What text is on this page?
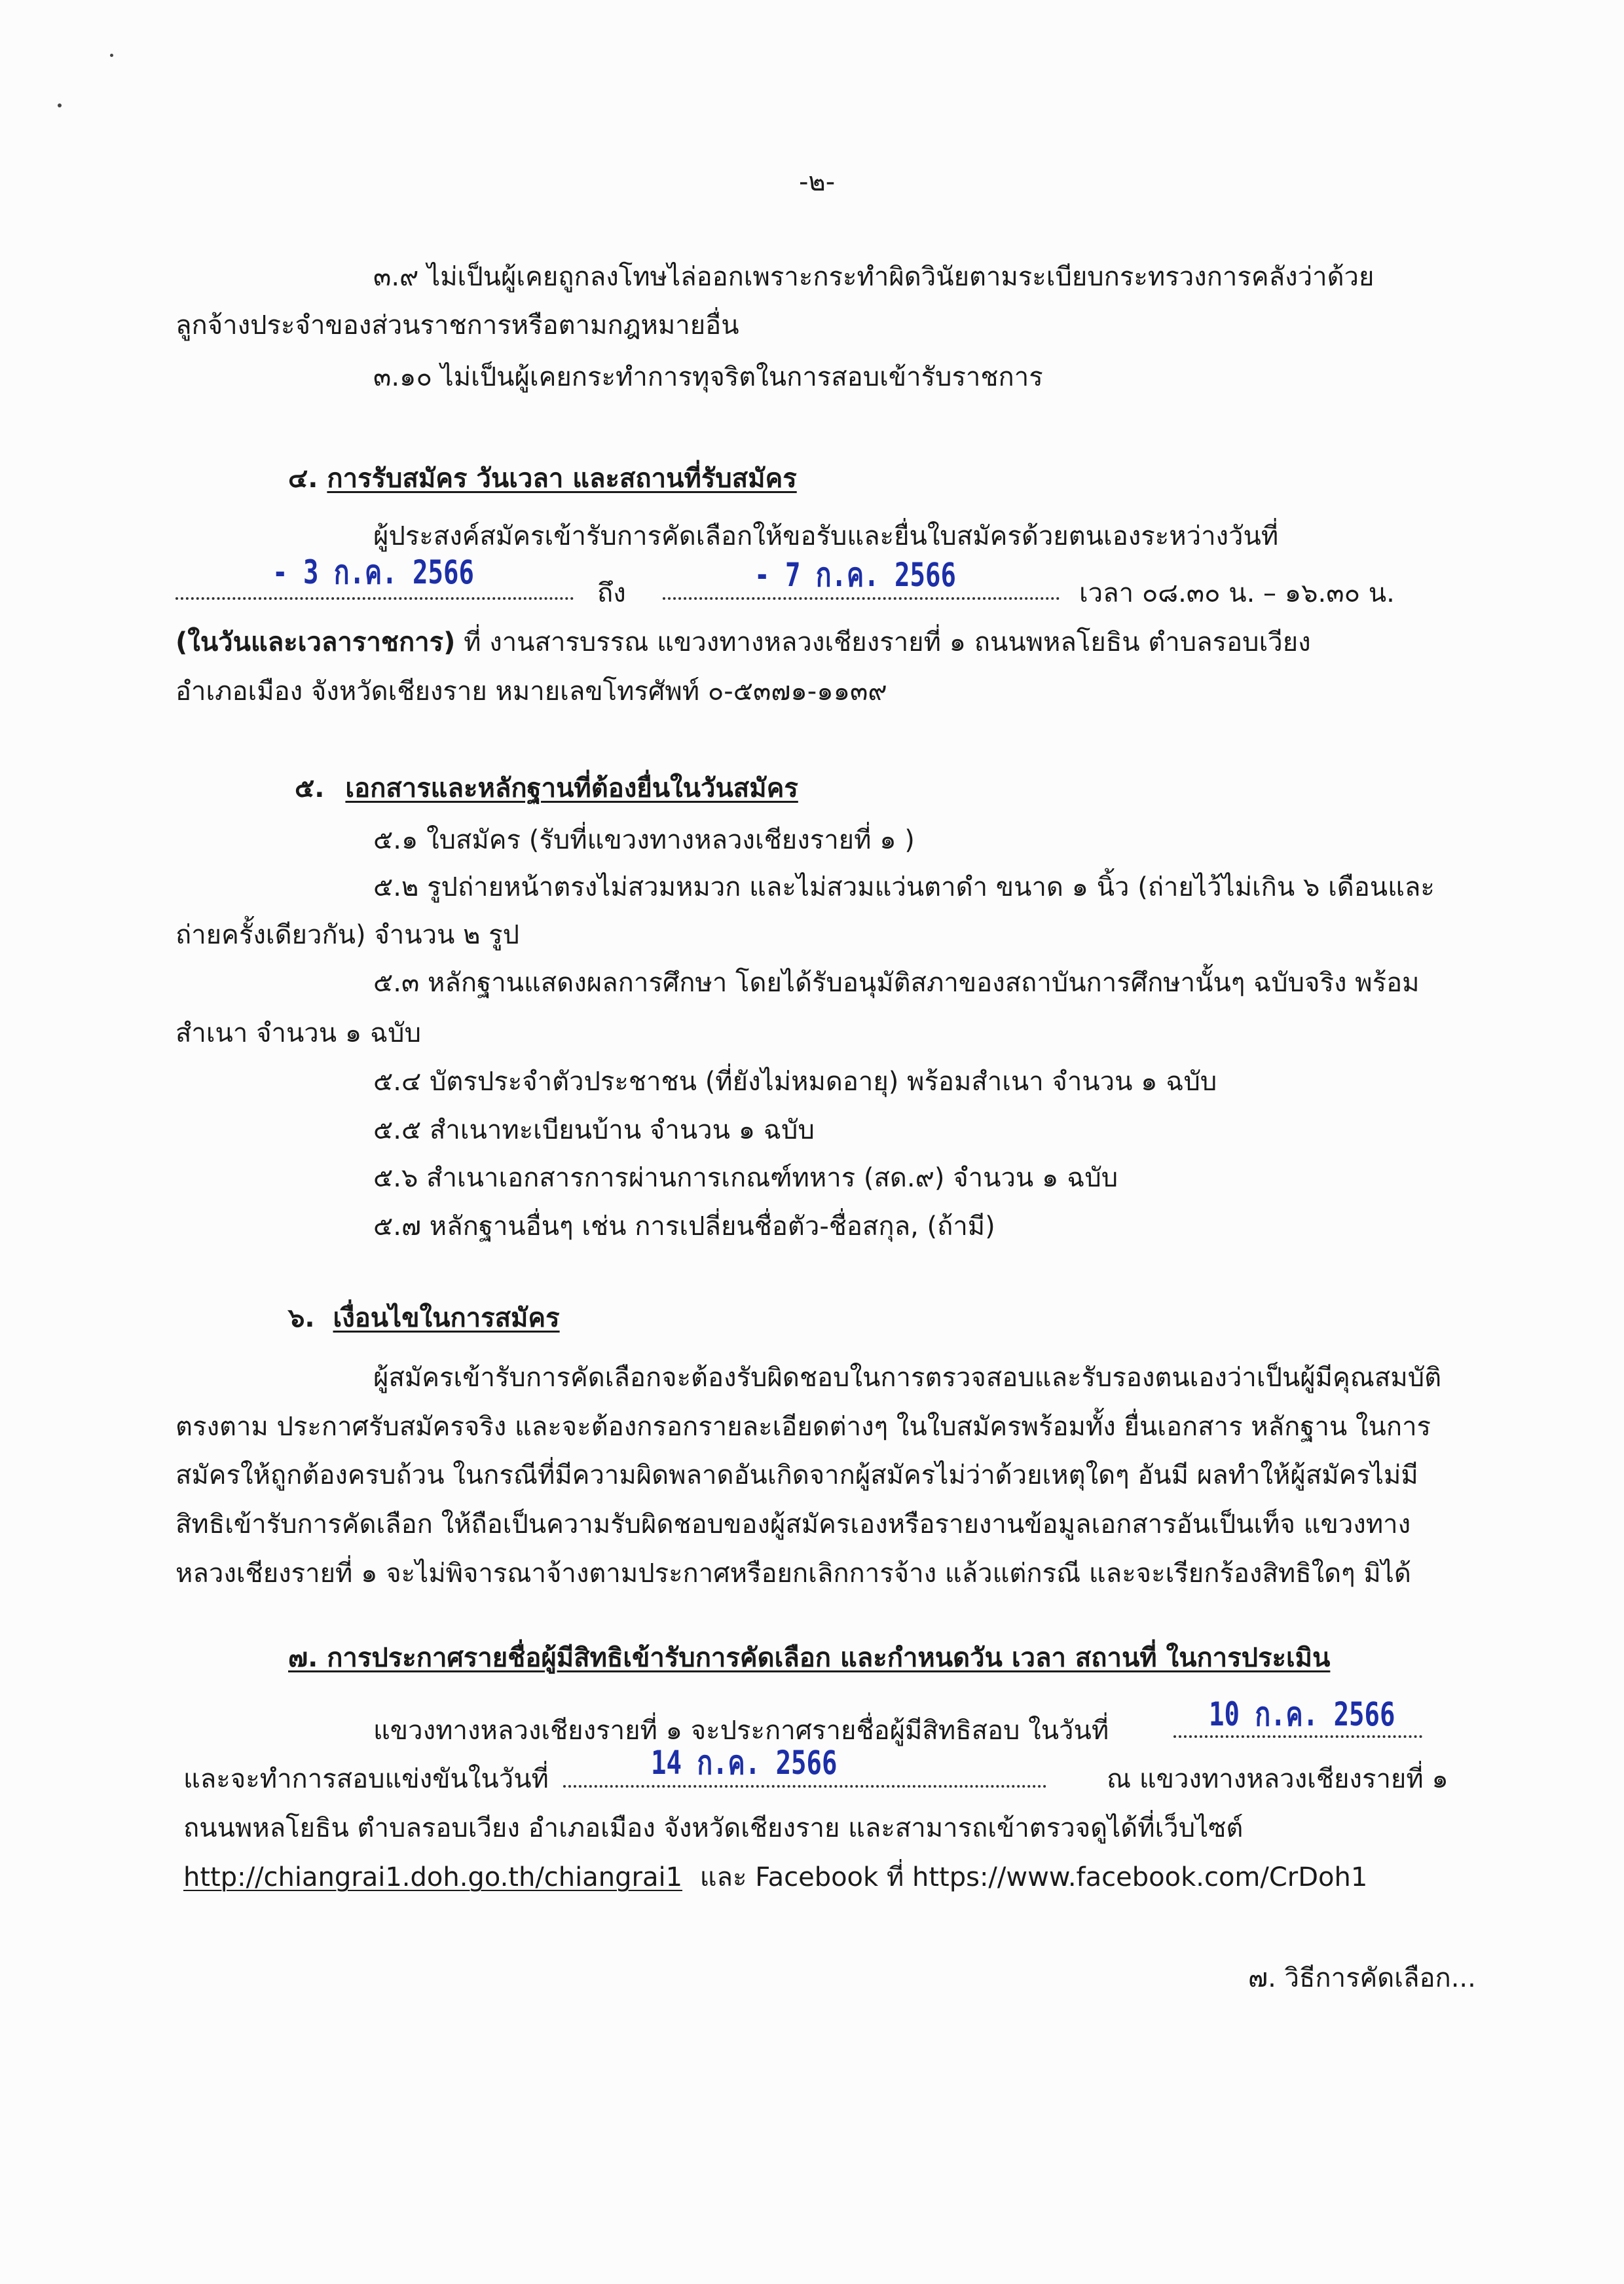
-๒-
๓.๙ ไม่เป็นผู้เคยถูกลงโทษไล่ออกเพราะกระทำผิดวินัยตามระเบียบกระทรวงการคลังว่าด้วย
ลูกจ้างประจำของส่วนราชการหรือตามกฎหมายอื่น
๓.๑๐ ไม่เป็นผู้เคยกระทำการทุจริตในการสอบเข้ารับราชการ
๔. การรับสมัคร วันเวลา และสถานที่รับสมัคร
ผู้ประสงค์สมัครเข้ารับการคัดเลือกให้ขอรับและยื่นใบสมัครด้วยตนเองระหว่างวันที่
- 3 ก.ค. 2566
ถึง	- 7 ก.ค. 2566	เวลา ๐๘.๓๐ น. – ๑๖.๓๐ น.
(ในวันและเวลาราชการ) ที่ งานสารบรรณ แขวงทางหลวงเชียงรายที่ ๑ ถนนพหลโยธิน ตำบลรอบเวียง
อำเภอเมือง จังหวัดเชียงราย หมายเลขโทรศัพท์ ๐-๕๓๗๑-๑๑๓๙
๕. เอกสารและหลักฐานที่ต้องยื่นในวันสมัคร
๕.๑ ใบสมัคร (รับที่แขวงทางหลวงเชียงรายที่ ๑ )
๕.๒ รูปถ่ายหน้าตรงไม่สวมหมวก และไม่สวมแว่นตาดำ ขนาด ๑ นิ้ว (ถ่ายไว้ไม่เกิน ๖ เดือนและ
ถ่ายครั้งเดียวกัน) จำนวน ๒ รูป
๕.๓ หลักฐานแสดงผลการศึกษา โดยได้รับอนุมัติสภาของสถาบันการศึกษานั้นๆ ฉบับจริง พร้อม
สำเนา จำนวน ๑ ฉบับ
๕.๔ บัตรประจำตัวประชาชน (ที่ยังไม่หมดอายุ) พร้อมสำเนา จำนวน ๑ ฉบับ
๕.๕ สำเนาทะเบียนบ้าน จำนวน ๑ ฉบับ
๕.๖ สำเนาเอกสารการผ่านการเกณฑ์ทหาร (สด.๙) จำนวน ๑ ฉบับ
๕.๗ หลักฐานอื่นๆ เช่น การเปลี่ยนชื่อตัว-ชื่อสกุล, (ถ้ามี)
๖. เงื่อนไขในการสมัคร
ผู้สมัครเข้ารับการคัดเลือกจะต้องรับผิดชอบในการตรวจสอบและรับรองตนเองว่าเป็นผู้มีคุณสมบัติ
ตรงตาม ประกาศรับสมัครจริง และจะต้องกรอกรายละเอียดต่างๆ ในใบสมัครพร้อมทั้ง ยื่นเอกสาร หลักฐาน ในการ
สมัครให้ถูกต้องครบถ้วน ในกรณีที่มีความผิดพลาดอันเกิดจากผู้สมัครไม่ว่าด้วยเหตุใดๆ อันมี ผลทำให้ผู้สมัครไม่มี
สิทธิเข้ารับการคัดเลือก ให้ถือเป็นความรับผิดชอบของผู้สมัครเองหรือรายงานข้อมูลเอกสารอันเป็นเท็จ แขวงทาง
หลวงเชียงรายที่ ๑ จะไม่พิจารณาจ้างตามประกาศหรือยกเลิกการจ้าง แล้วแต่กรณี และจะเรียกร้องสิทธิใดๆ มิได้
๗. การประกาศรายชื่อผู้มีสิทธิเข้ารับการคัดเลือก และกำหนดวัน เวลา สถานที่ ในการประเมิน
แขวงทางหลวงเชียงรายที่ ๑ จะประกาศรายชื่อผู้มีสิทธิสอบ ในวันที่	10 ก.ค. 2566
และจะทำการสอบแข่งขันในวันที่	14 ก.ค. 2566	ณ แขวงทางหลวงเชียงรายที่ ๑
ถนนพหลโยธิน ตำบลรอบเวียง อำเภอเมือง จังหวัดเชียงราย และสามารถเข้าตรวจดูได้ที่เว็บไซต์
http://chiangrai1.doh.go.th/chiangrai1 และ Facebook ที่ https://www.facebook.com/CrDoh1
๗. วิธีการคัดเลือก...
